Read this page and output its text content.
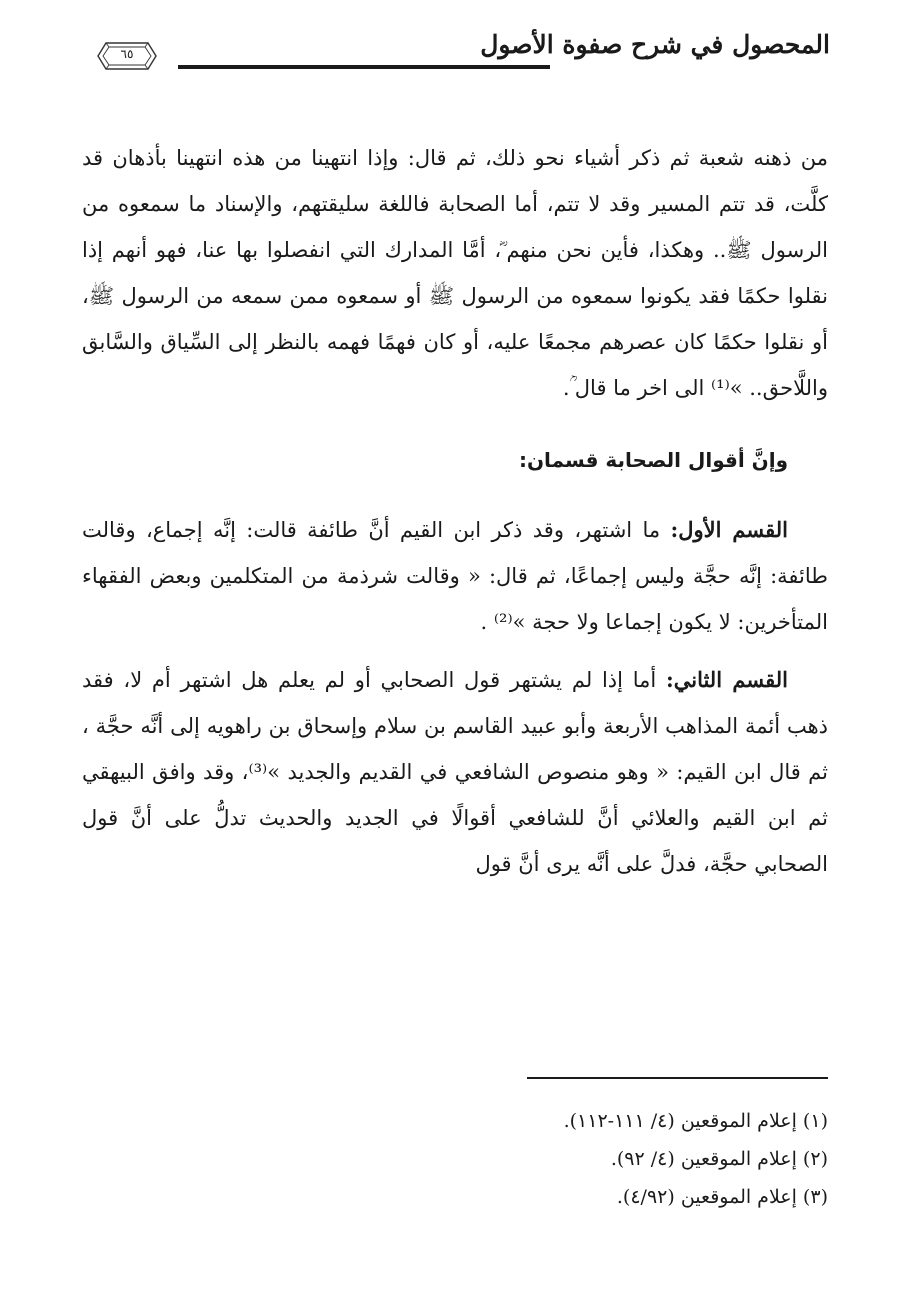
المحصول في شرح صفوة الأصول
٦٥

من ذهنه شعبة ثم ذكر أشياء نحو ذلك، ثم قال: وإذا انتهينا من هذه انتهينا بأذهان قد كلَّت، قد تتم المسير وقد لا تتم، أما الصحابة فاللغة سليقتهم، والإسناد ما سمعوه من الرسول ﷺ.. وهكذا، فأين نحن منهم ؓ، أمَّا المدارك التي انفصلوا بها عنا، فهو أنهم إذا نقلوا حكمًا فقد يكونوا سمعوه من الرسول ﷺ أو سمعوه ممن سمعه من الرسول ﷺ، أو نقلوا حكمًا كان عصرهم مجمعًا عليه، أو كان فهمًا فهمه بالنظر إلى السِّياق والسَّابق واللَّاحق.. »⁽¹⁾ الى اخر ما قال ؒ.

وإنَّ أقوال الصحابة قسمان:

القسم الأول: ما اشتهر، وقد ذكر ابن القيم أنَّ طائفة قالت: إنَّه إجماع، وقالت طائفة: إنَّه حجَّة وليس إجماعًا، ثم قال: « وقالت شرذمة من المتكلمين وبعض الفقهاء المتأخرين: لا يكون إجماعا ولا حجة »⁽²⁾ .

القسم الثاني: أما إذا لم يشتهر قول الصحابي أو لم يعلم هل اشتهر أم لا، فقد ذهب أئمة المذاهب الأربعة وأبو عبيد القاسم بن سلام وإسحاق بن راهويه إلى أنَّه حجَّة ، ثم قال ابن القيم: « وهو منصوص الشافعي في القديم والجديد »⁽³⁾، وقد وافق البيهقي ثم ابن القيم والعلائي أنَّ للشافعي أقوالًا في الجديد والحديث تدلُّ على أنَّ قول الصحابي حجَّة، فدلَّ على أنَّه يرى أنَّ قول

(١) إعلام الموقعين (٤/ ١١١-١١٢).
(٢) إعلام الموقعين (٤/ ٩٢).
(٣) إعلام الموقعين (٤/٩٢).
